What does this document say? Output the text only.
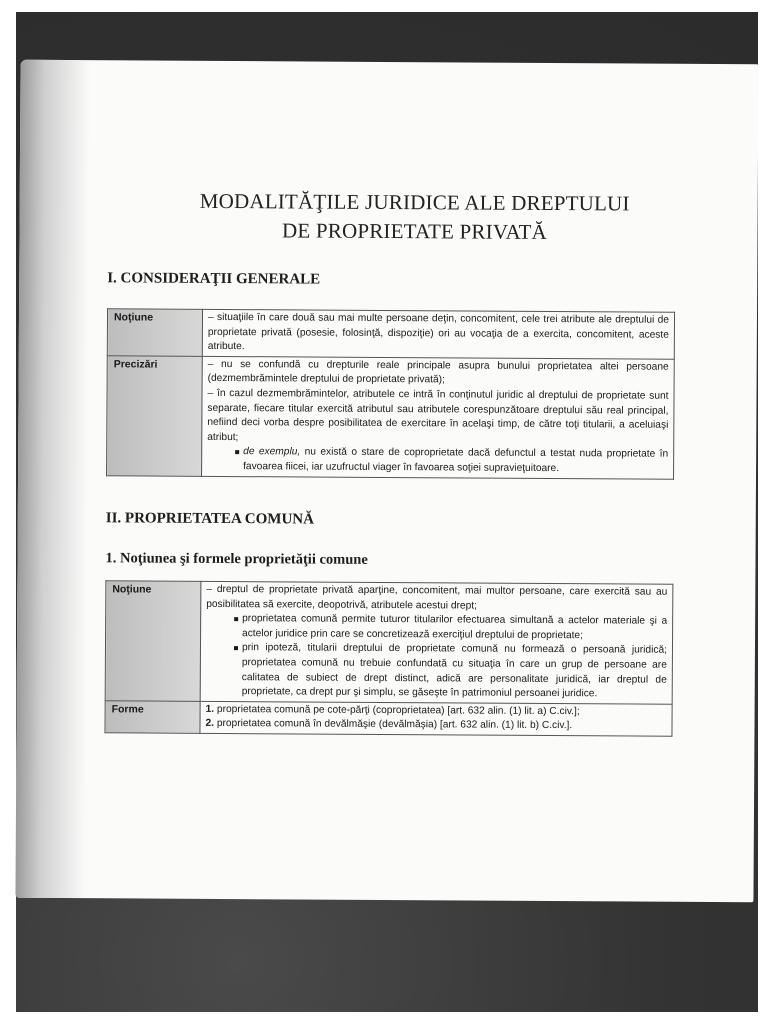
MODALITĂŢILE JURIDICE ALE DREPTULUI
DE PROPRIETATE PRIVATĂ
I. CONSIDERAŢII GENERALE
Noţiune	– situaţiile în care două sau mai multe persoane deţin, concomitent, cele trei atribute ale dreptului de proprietate privată (posesie, folosinţă, dispoziţie) ori au vocaţia de a exercita, concomitent, aceste atribute.
Precizări	– nu se confundă cu drepturile reale principale asupra bunului proprietatea altei persoane (dezmembrămintele dreptului de proprietate privată);
– în cazul dezmembrămintelor, atributele ce intră în conţinutul juridic al dreptului de proprietate sunt separate, fiecare titular exercită atributul sau atributele corespunzătoare dreptului său real principal, nefiind deci vorba despre posibilitatea de exercitare în acelaşi timp, de către toţi titularii, a aceluiaşi atribut;
de exemplu, nu există o stare de coproprietate dacă defunctul a testat nuda proprietate în favoarea fiicei, iar uzufructul viager în favoarea soţiei supravieţuitoare.
II. PROPRIETATEA COMUNĂ
1. Noţiunea şi formele proprietăţii comune
Noţiune	– dreptul de proprietate privată aparţine, concomitent, mai multor persoane, care exercită sau au posibilitatea să exercite, deopotrivă, atributele acestui drept;
proprietatea comună permite tuturor titularilor efectuarea simultană a actelor materiale şi a actelor juridice prin care se concretizează exerciţiul dreptului de proprietate;
prin ipoteză, titularii dreptului de proprietate comună nu formează o persoană juridică; proprietatea comună nu trebuie confundată cu situaţia în care un grup de persoane are calitatea de subiect de drept distinct, adică are personalitate juridică, iar dreptul de proprietate, ca drept pur şi simplu, se găseşte în patrimoniul persoanei juridice.

Forme	1. proprietatea comună pe cote-părţi (coproprietatea) [art. 632 alin. (1) lit. a) C.civ.];
2. proprietatea comună în devălmăşie (devălmăşia) [art. 632 alin. (1) lit. b) C.civ.].
